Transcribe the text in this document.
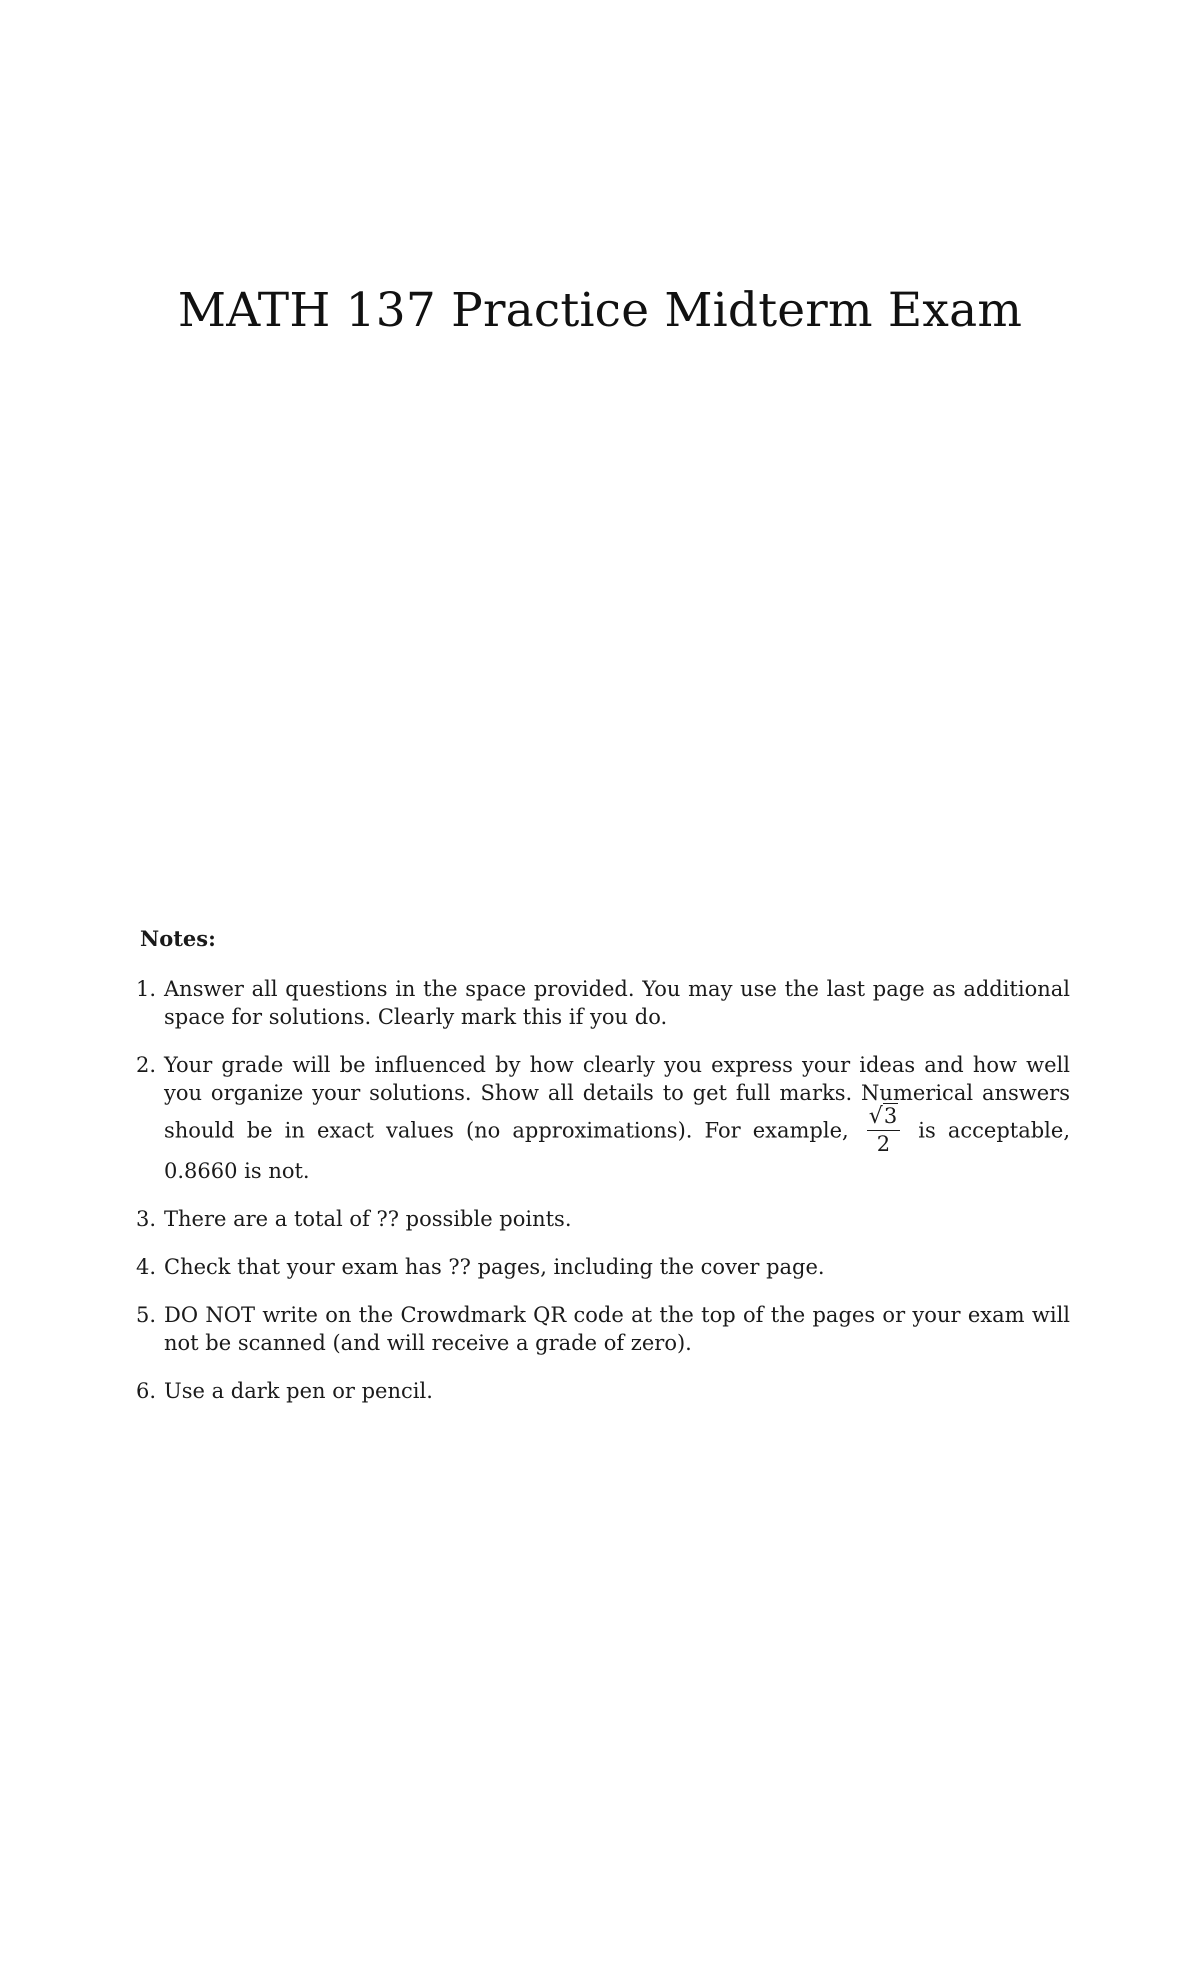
MATH 137 Practice Midterm Exam
Notes:
1. Answer all questions in the space provided. You may use the last page as additional space for solutions. Clearly mark this if you do.
2. Your grade will be influenced by how clearly you express your ideas and how well you organize your solutions. Show all details to get full marks. Numerical answers should be in exact values (no approximations). For example, $\frac{√3}{2}$ is acceptable, 0.8660 is not.
3. There are a total of ?? possible points.
4. Check that your exam has ?? pages, including the cover page.
5. DO NOT write on the Crowdmark QR code at the top of the pages or your exam will not be scanned (and will receive a grade of zero).
6. Use a dark pen or pencil.
